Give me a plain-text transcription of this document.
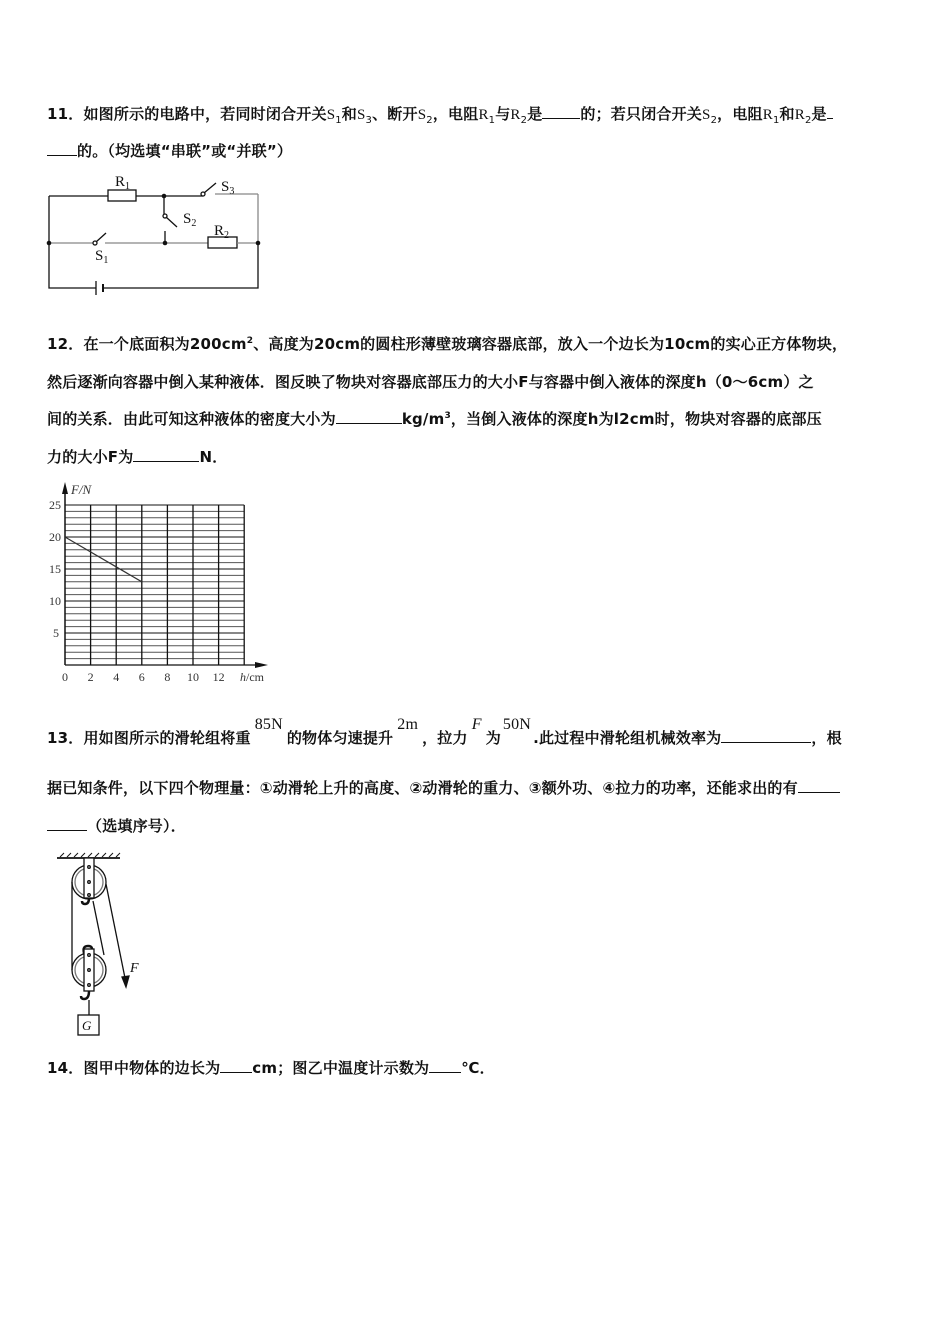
11．如图所示的电路中，若同时闭合开关$S_1$和$S_3$、断开$S_2$，电阻$R_1$与$R_2$是	的；若只闭合开关$S_2$，电阻$R_1$和$R_2$是
的。（均选填“串联”或“并联”）
$R_1$	$S_3$
$S_2$ $R_2$
$S_1$
12．在一个底面积为$200cm^2$、高度为20cm的圆柱形薄壁玻璃容器底部，放入一个边长为10cm的实心正方体物块，
然后逐渐向容器中倒入某种液体．图反映了物块对容器底部压力的大小F与容器中倒入液体的深度h（0～6cm）之
间的关系．由此可知这种液体的密度大小为	$kg/m^3$，当倒入液体的深度h为l2cm时，物块对容器的底部压
力的大小F为	N．
0 2 4 6 8 10 12
5
10
15
20
25
F/N
h/cm
13．用如图所示的滑轮组将重85N的物体匀速提升2m，拉力F为50N.此过程中滑轮组机械效率为	，根
据已知条件，以下四个物理量：①动滑轮上升的高度、②动滑轮的重力、③额外功、④拉力的功率，还能求出的有
（选填序号）．
F
G
14．图甲中物体的边长为 cm；图乙中温度计示数为 ℃．
